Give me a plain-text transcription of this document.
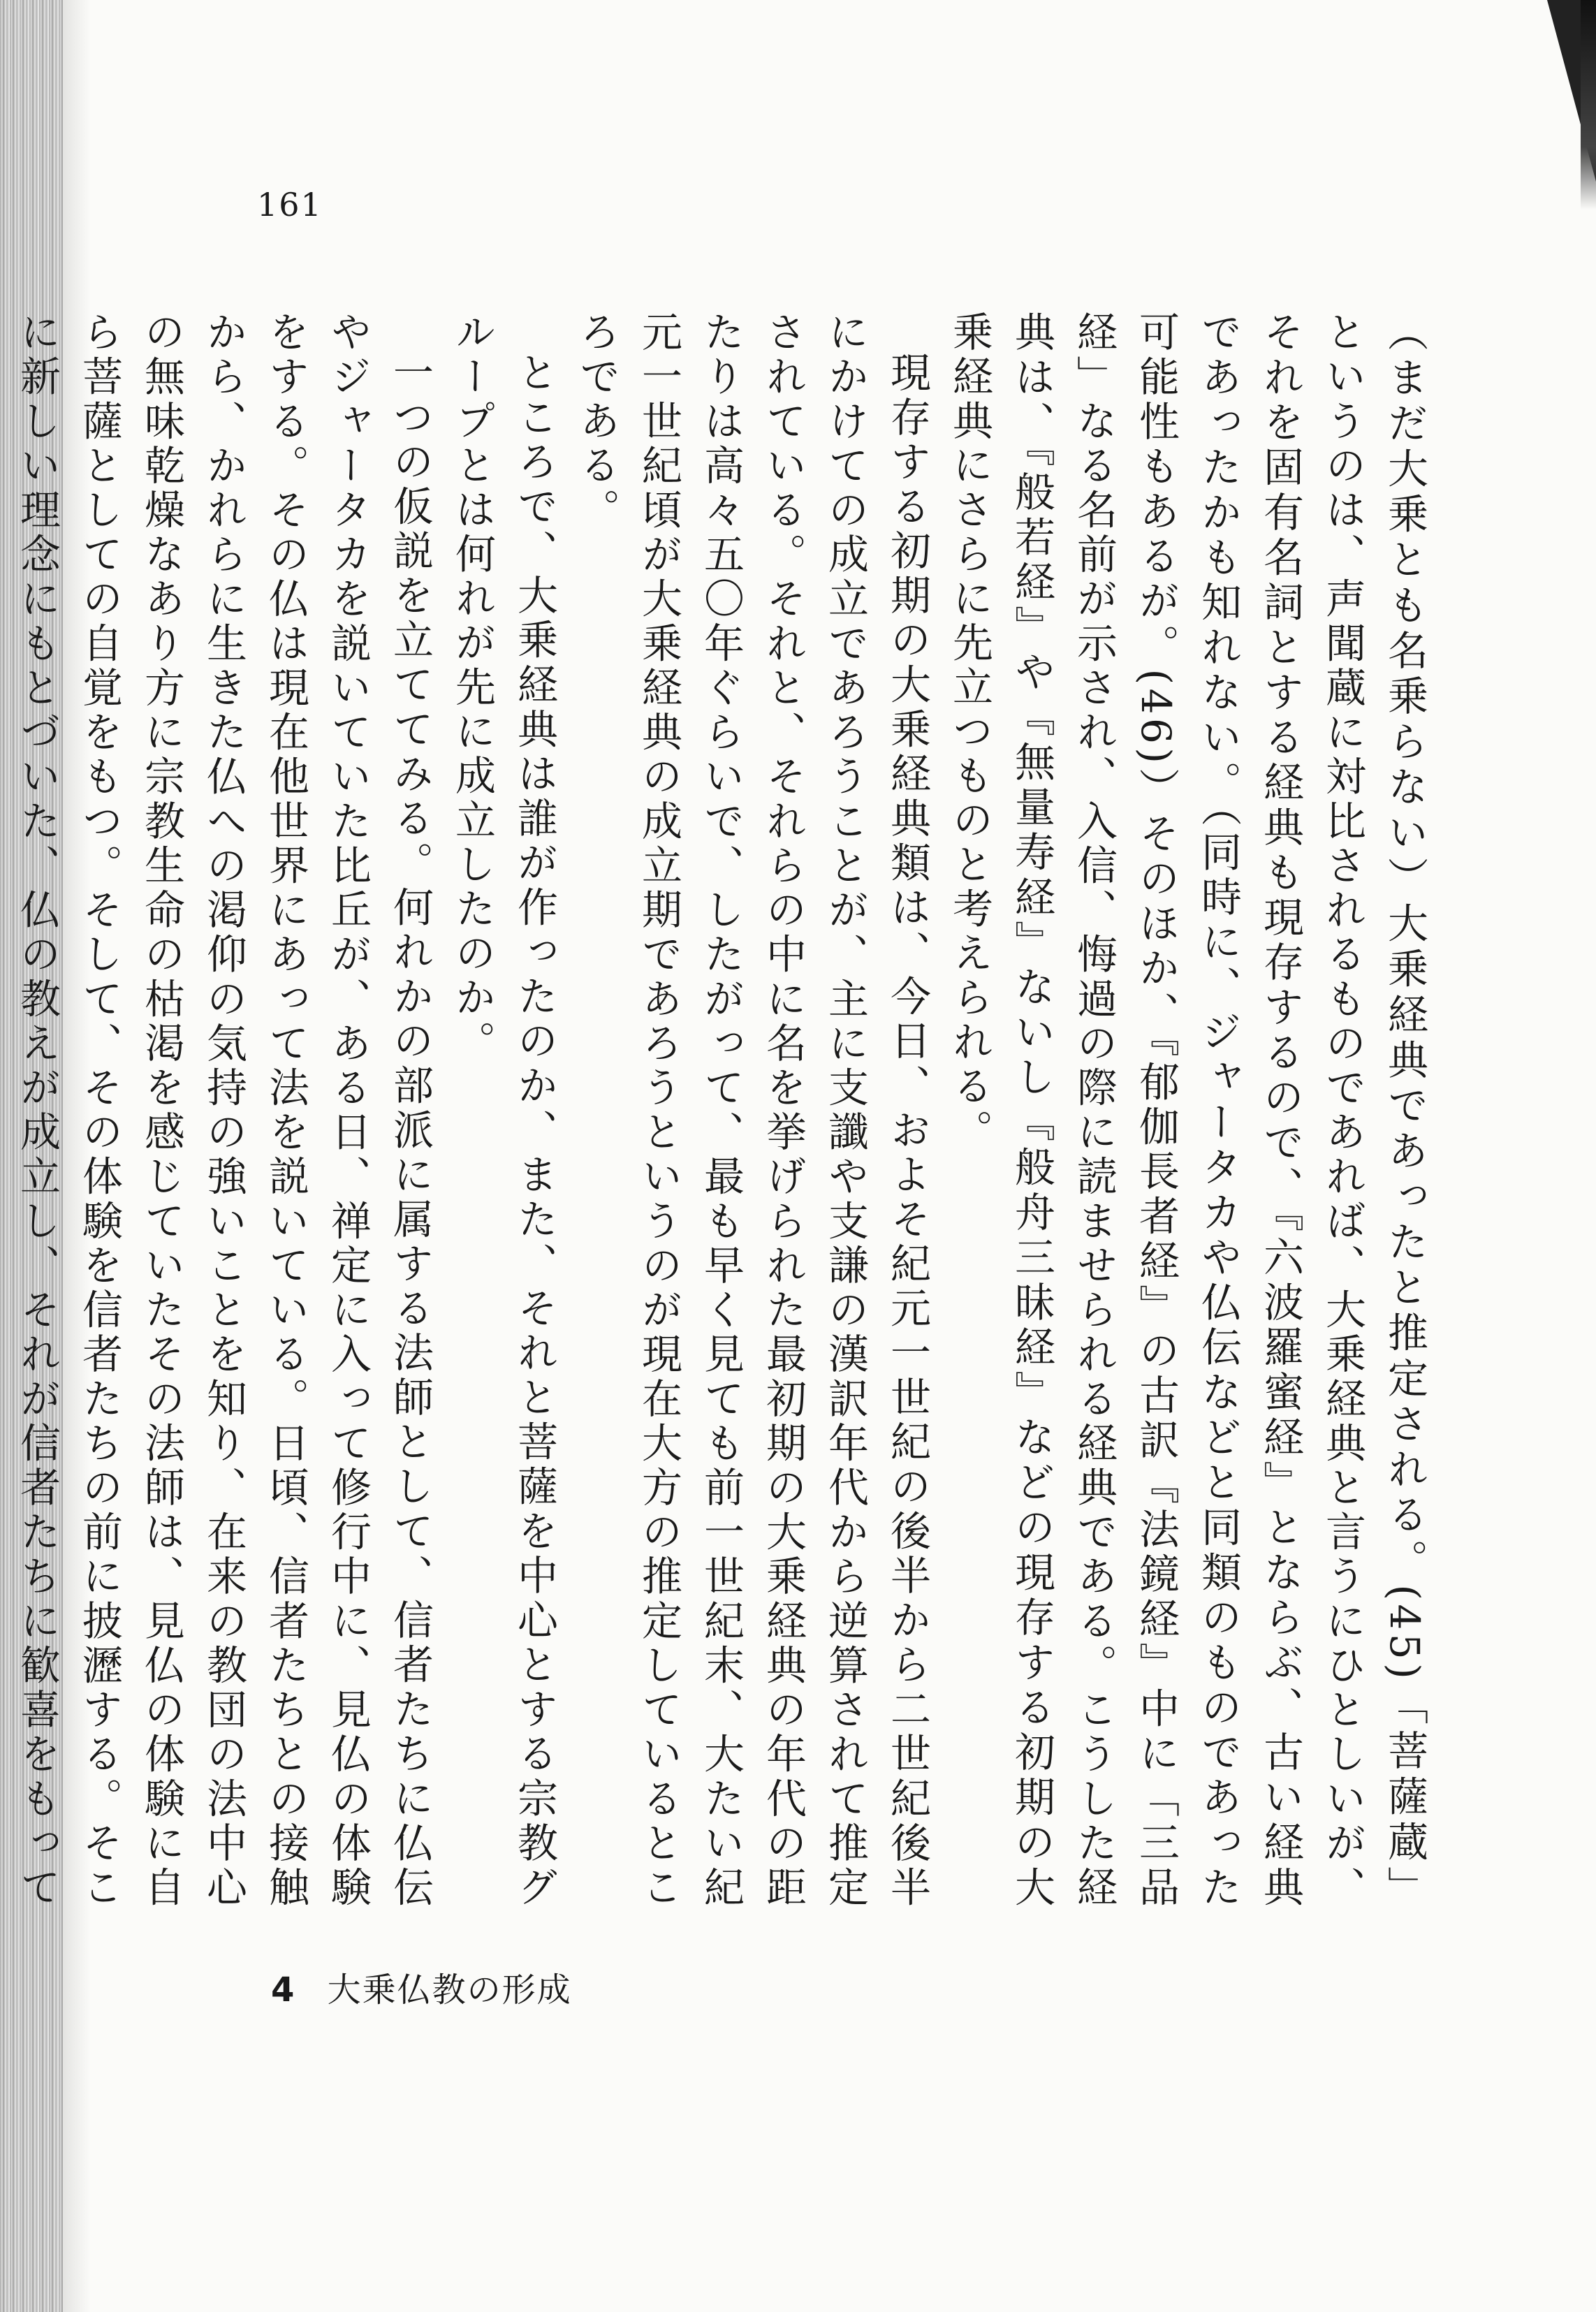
161

（まだ大乗とも名乗らない）大乗経典であったと推定される。(45)「菩薩蔵」というのは、声聞蔵に対比されるものであれば、大乗経典と言うにひとしいが、それを固有名詞とする経典も現存するので、『六波羅蜜経』とならぶ、古い経典であったかも知れない。（同時に、ジャータカや仏伝などと同類のものであった可能性もあるが。(46)）そのほか、『郁伽長者経』の古訳『法鏡経』中に「三品経」なる名前が示され、入信、悔過の際に読ませられる経典である。こうした経典は、『般若経』や『無量寿経』ないし『般舟三昧経』などの現存する初期の大乗経典にさらに先立つものと考えられる。

現存する初期の大乗経典類は、今日、およそ紀元一世紀の後半から二世紀後半にかけての成立であろうことが、主に支讖や支謙の漢訳年代から逆算されて推定されている。それと、それらの中に名を挙げられた最初期の大乗経典の年代の距たりは高々五〇年ぐらいで、したがって、最も早く見ても前一世紀末、大たい紀元一世紀頃が大乗経典の成立期であろうというのが現在大方の推定しているところである。

ところで、大乗経典は誰が作ったのか、また、それと菩薩を中心とする宗教グループとは何れが先に成立したのか。

一つの仮説を立ててみる。何れかの部派に属する法師として、信者たちに仏伝やジャータカを説いていた比丘が、ある日、禅定に入って修行中に、見仏の体験をする。その仏は現在他世界にあって法を説いている。日頃、信者たちとの接触から、かれらに生きた仏への渇仰の気持の強いことを知り、在来の教団の法中心の無味乾燥なあり方に宗教生命の枯渇を感じていたその法師は、見仏の体験に自ら菩薩としての自覚をもつ。そして、その体験を信者たちの前に披瀝する。そこに新しい理念にもとづいた、仏の教えが成立し、それが信者たちに歓喜をもって

4 大乗仏教の形成
